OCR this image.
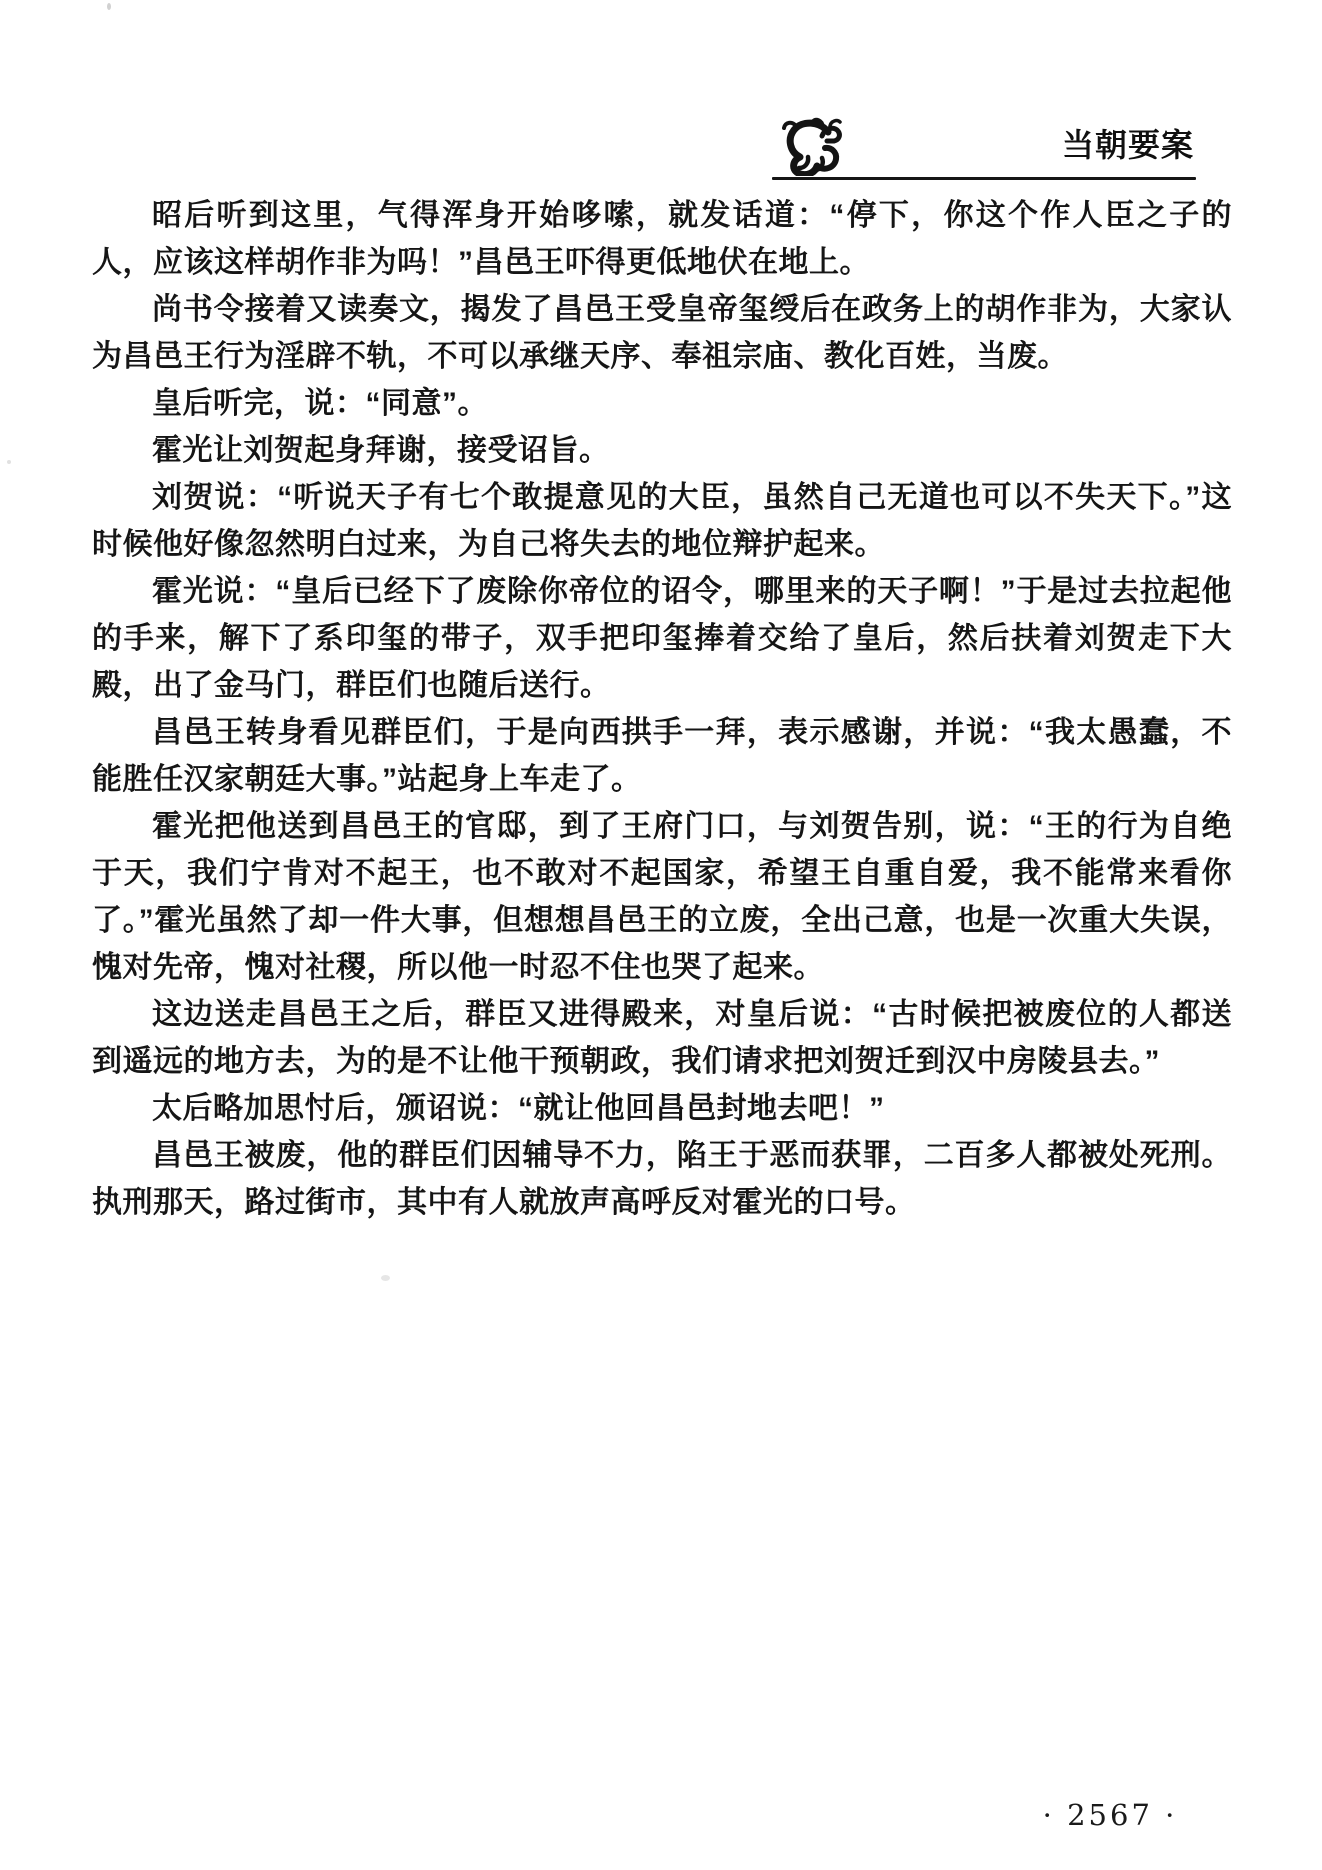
当朝要案

昭后听到这里，气得浑身开始哆嗦，就发话道：“停下，你这个作人臣之子的人，应该这样胡作非为吗！”昌邑王吓得更低地伏在地上。

尚书令接着又读奏文，揭发了昌邑王受皇帝玺绶后在政务上的胡作非为，大家认为昌邑王行为淫辟不轨，不可以承继天序、奉祖宗庙、教化百姓，当废。

皇后听完，说：“同意”。

霍光让刘贺起身拜谢，接受诏旨。

刘贺说：“听说天子有七个敢提意见的大臣，虽然自己无道也可以不失天下。”这时候他好像忽然明白过来，为自己将失去的地位辩护起来。

霍光说：“皇后已经下了废除你帝位的诏令，哪里来的天子啊！”于是过去拉起他的手来，解下了系印玺的带子，双手把印玺捧着交给了皇后，然后扶着刘贺走下大殿，出了金马门，群臣们也随后送行。

昌邑王转身看见群臣们，于是向西拱手一拜，表示感谢，并说：“我太愚蠢，不能胜任汉家朝廷大事。”站起身上车走了。

霍光把他送到昌邑王的官邸，到了王府门口，与刘贺告别，说：“王的行为自绝于天，我们宁肯对不起王，也不敢对不起国家，希望王自重自爱，我不能常来看你了。”霍光虽然了却一件大事，但想想昌邑王的立废，全出己意，也是一次重大失误，愧对先帝，愧对社稷，所以他一时忍不住也哭了起来。

这边送走昌邑王之后，群臣又进得殿来，对皇后说：“古时候把被废位的人都送到遥远的地方去，为的是不让他干预朝政，我们请求把刘贺迁到汉中房陵县去。”

太后略加思忖后，颁诏说：“就让他回昌邑封地去吧！”

昌邑王被废，他的群臣们因辅导不力，陷王于恶而获罪，二百多人都被处死刑。执刑那天，路过街市，其中有人就放声高呼反对霍光的口号。

· 2567 ·
